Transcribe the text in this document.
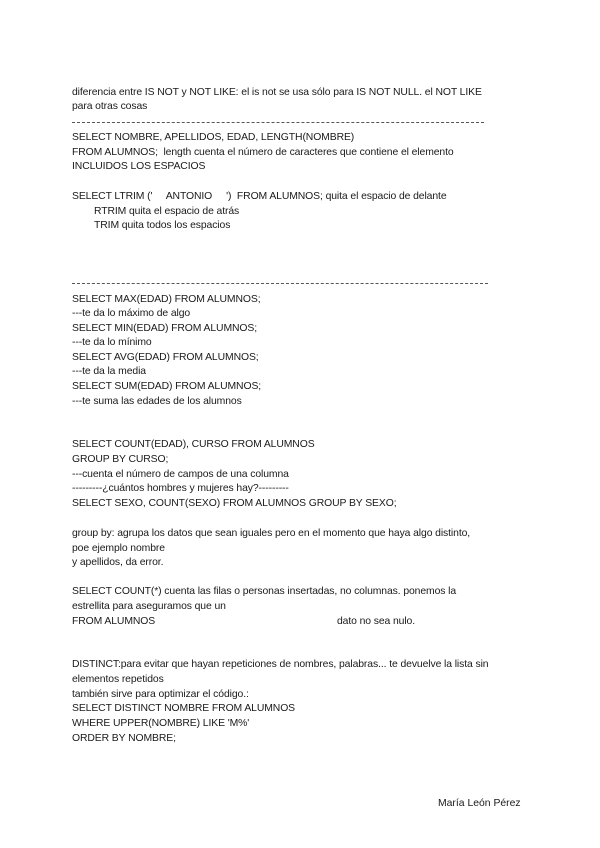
diferencia entre IS NOT y NOT LIKE: el is not se usa sólo para IS NOT NULL. el NOT LIKE

para otras cosas

SELECT NOMBRE, APELLIDOS, EDAD, LENGTH(NOMBRE)

FROM ALUMNOS;  length cuenta el número de caracteres que contiene el elemento

INCLUIDOS LOS ESPACIOS

SELECT LTRIM ('     ANTONIO     ')  FROM ALUMNOS; quita el espacio de delante

RTRIM quita el espacio de atrás

TRIM quita todos los espacios

SELECT MAX(EDAD) FROM ALUMNOS;

---te da lo máximo de algo

SELECT MIN(EDAD) FROM ALUMNOS;

---te da lo mínimo

SELECT AVG(EDAD) FROM ALUMNOS;

---te da la media

SELECT SUM(EDAD) FROM ALUMNOS;

---te suma las edades de los alumnos

SELECT COUNT(EDAD), CURSO FROM ALUMNOS

GROUP BY CURSO;

---cuenta el número de campos de una columna

---------¿cuántos hombres y mujeres hay?---------

SELECT SEXO, COUNT(SEXO) FROM ALUMNOS GROUP BY SEXO;

group by: agrupa los datos que sean iguales pero en el momento que haya algo distinto,

poe ejemplo nombre

y apellidos, da error.

SELECT COUNT(*) cuenta las filas o personas insertadas, no columnas. ponemos la

estrellita para aseguramos que un

FROM ALUMNOS	dato no sea nulo.

DISTINCT:para evitar que hayan repeticiones de nombres, palabras... te devuelve la lista sin

elementos repetidos

también sirve para optimizar el código.:

SELECT DISTINCT NOMBRE FROM ALUMNOS

WHERE UPPER(NOMBRE) LIKE 'M%'

ORDER BY NOMBRE;

María León Pérez
